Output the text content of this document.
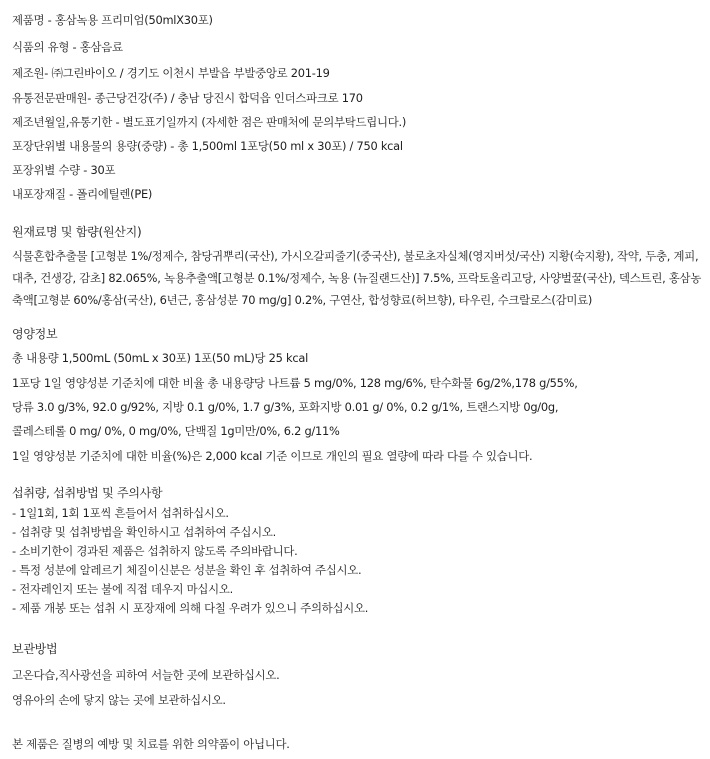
제품명 - 홍삼녹용 프리미엄(50mlX30포)

식품의 유형 - 홍삼음료

제조원- ㈜그린바이오 / 경기도 이천시 부발읍 부발중앙로 201-19

유통전문판매원- 종근당건강(주) / 충남 당진시 합덕읍 인더스파크로 170

제조년월일,유통기한 - 별도표기일까지 (자세한 점은 판매처에 문의부탁드립니다.)

포장단위별 내용물의 용량(중량) - 총 1,500ml 1포당(50 ml x 30포) / 750 kcal

포장위별 수량 - 30포

내포장재질 - 폴리에틸렌(PE)

원재료명 및 함량(원산지)

식물혼합추출물 [고형분 1%/정제수, 참당귀뿌리(국산), 가시오갈피줄기(중국산), 불로초자실체(영지버섯/국산) 지황(숙지황), 작약, 두충, 계피, 대추, 건생강, 감초] 82.065%, 녹용추출액[고형분 0.1%/정제수, 녹용 (뉴질랜드산)] 7.5%, 프락토올리고당, 사양벌꿀(국산), 덱스트린, 홍삼농축액[고형분 60%/홍삼(국산), 6년근, 홍삼성분 70 mg/g] 0.2%, 구연산, 합성향료(허브향), 타우린, 수크랄로스(감미료)

영양정보

총 내용량 1,500mL (50mL x 30포) 1포(50 mL)당 25 kcal

1포당 1일 영양성분 기준치에 대한 비율 총 내용량당 나트륨 5 mg/0%, 128 mg/6%, 탄수화물 6g/2%,178 g/55%,

당류 3.0 g/3%, 92.0 g/92%, 지방 0.1 g/0%, 1.7 g/3%, 포화지방 0.01 g/ 0%, 0.2 g/1%, 트랜스지방 0g/0g,

콜레스테롤 0 mg/ 0%, 0 mg/0%, 단백질 1g미만/0%, 6.2 g/11%

1일 영양성분 기준치에 대한 비율(%)은 2,000 kcal 기준 이므로 개인의 필요 열량에 따라 다를 수 있습니다.

섭취량, 섭취방법 및 주의사항

- 1일1회, 1회 1포씩 흔들어서 섭취하십시오.

- 섭취량 및 섭취방법을 확인하시고 섭취하여 주십시오.

- 소비기한이 경과된 제품은 섭취하지 않도록 주의바랍니다.

- 특정 성분에 알레르기 체질이신분은 성분을 확인 후 섭취하여 주십시오.

- 전자레인지 또는 불에 직접 데우지 마십시오.

- 제품 개봉 또는 섭취 시 포장재에 의해 다칠 우려가 있으니 주의하십시오.

보관방법

고온다습,직사광선을 피하여 서늘한 곳에 보관하십시오.

영유아의 손에 닿지 않는 곳에 보관하십시오.

본 제품은 질병의 예방 및 치료를 위한 의약품이 아닙니다.
